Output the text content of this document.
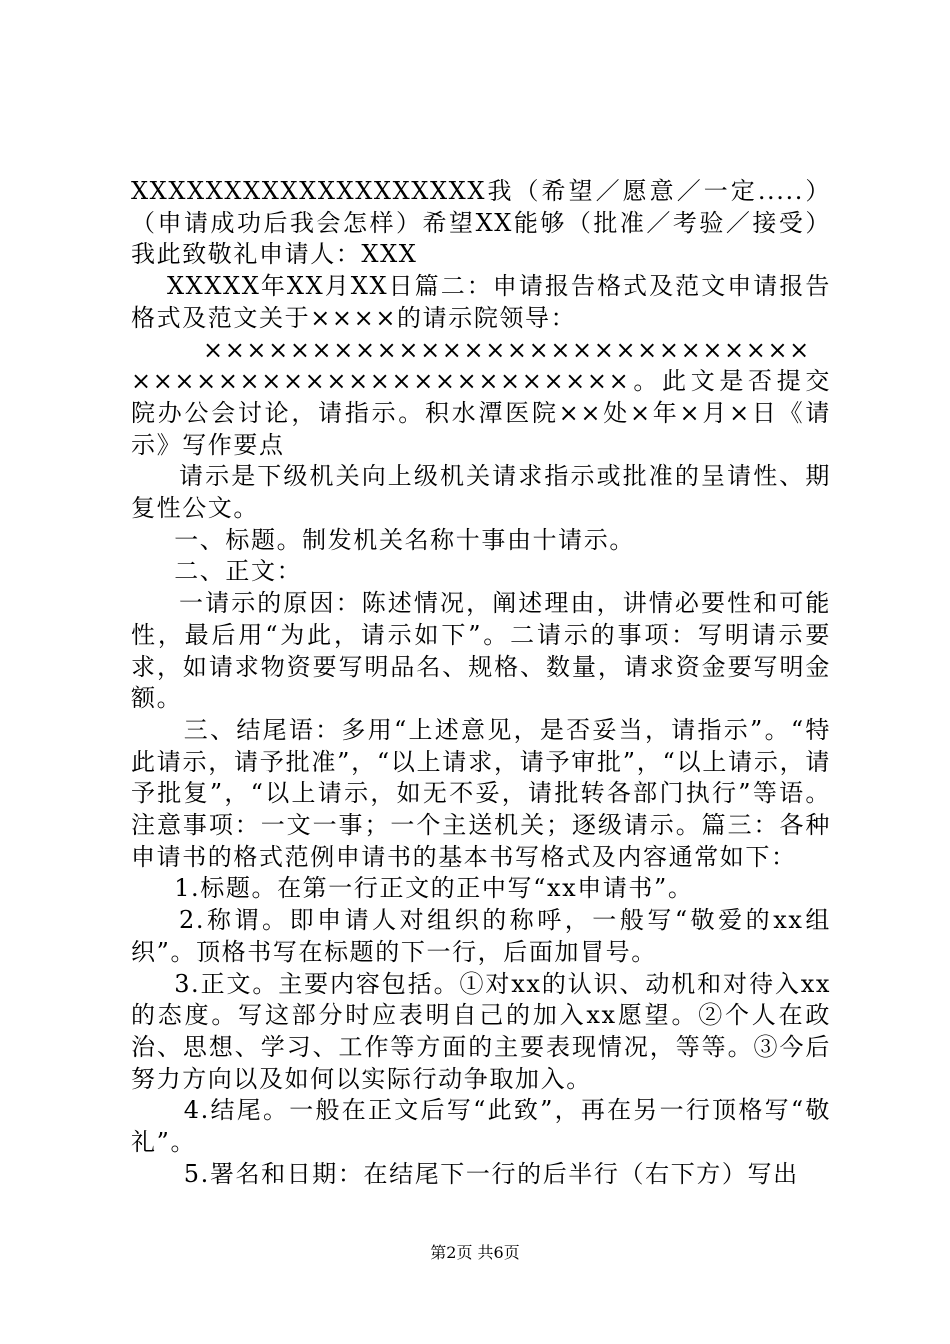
XXXXXXXXXXXXXXXXXXX我（希望／愿意／一定.....）（申请成功后我会怎样）希望XX能够（批准／考验／接受）我此致敬礼申请人：XXX

XXXXX年XX月XX日篇二：申请报告格式及范文申请报告格式及范文关于××××的请示院领导：

×××××××××××××××××××××××××××××××××××××××××××××××××××。此文是否提交院办公会讨论，请指示。积水潭医院××处×年×月×日《请示》写作要点

请示是下级机关向上级机关请求指示或批准的呈请性、期复性公文。

一、标题。制发机关名称十事由十请示。

二、正文：

一请示的原因：陈述情况，阐述理由，讲情必要性和可能性，最后用“为此，请示如下”。二请示的事项：写明请示要求，如请求物资要写明品名、规格、数量，请求资金要写明金额。

三、结尾语：多用“上述意见，是否妥当，请指示”。“特此请示，请予批准”，“以上请求，请予审批”，“以上请示，请予批复”，“以上请示，如无不妥，请批转各部门执行”等语。注意事项：一文一事；一个主送机关；逐级请示。篇三：各种申请书的格式范例申请书的基本书写格式及内容通常如下：

1.标题。在第一行正文的正中写“xx申请书”。

2.称谓。即申请人对组织的称呼，一般写“敬爱的xx组织”。顶格书写在标题的下一行，后面加冒号。

3.正文。主要内容包括。①对xx的认识、动机和对待入xx的态度。写这部分时应表明自己的加入xx愿望。②个人在政治、思想、学习、工作等方面的主要表现情况，等等。③今后努力方向以及如何以实际行动争取加入。

4.结尾。一般在正文后写“此致”，再在另一行顶格写“敬礼”。

5.署名和日期：在结尾下一行的后半行（右下方）写出

第2页 共6页
